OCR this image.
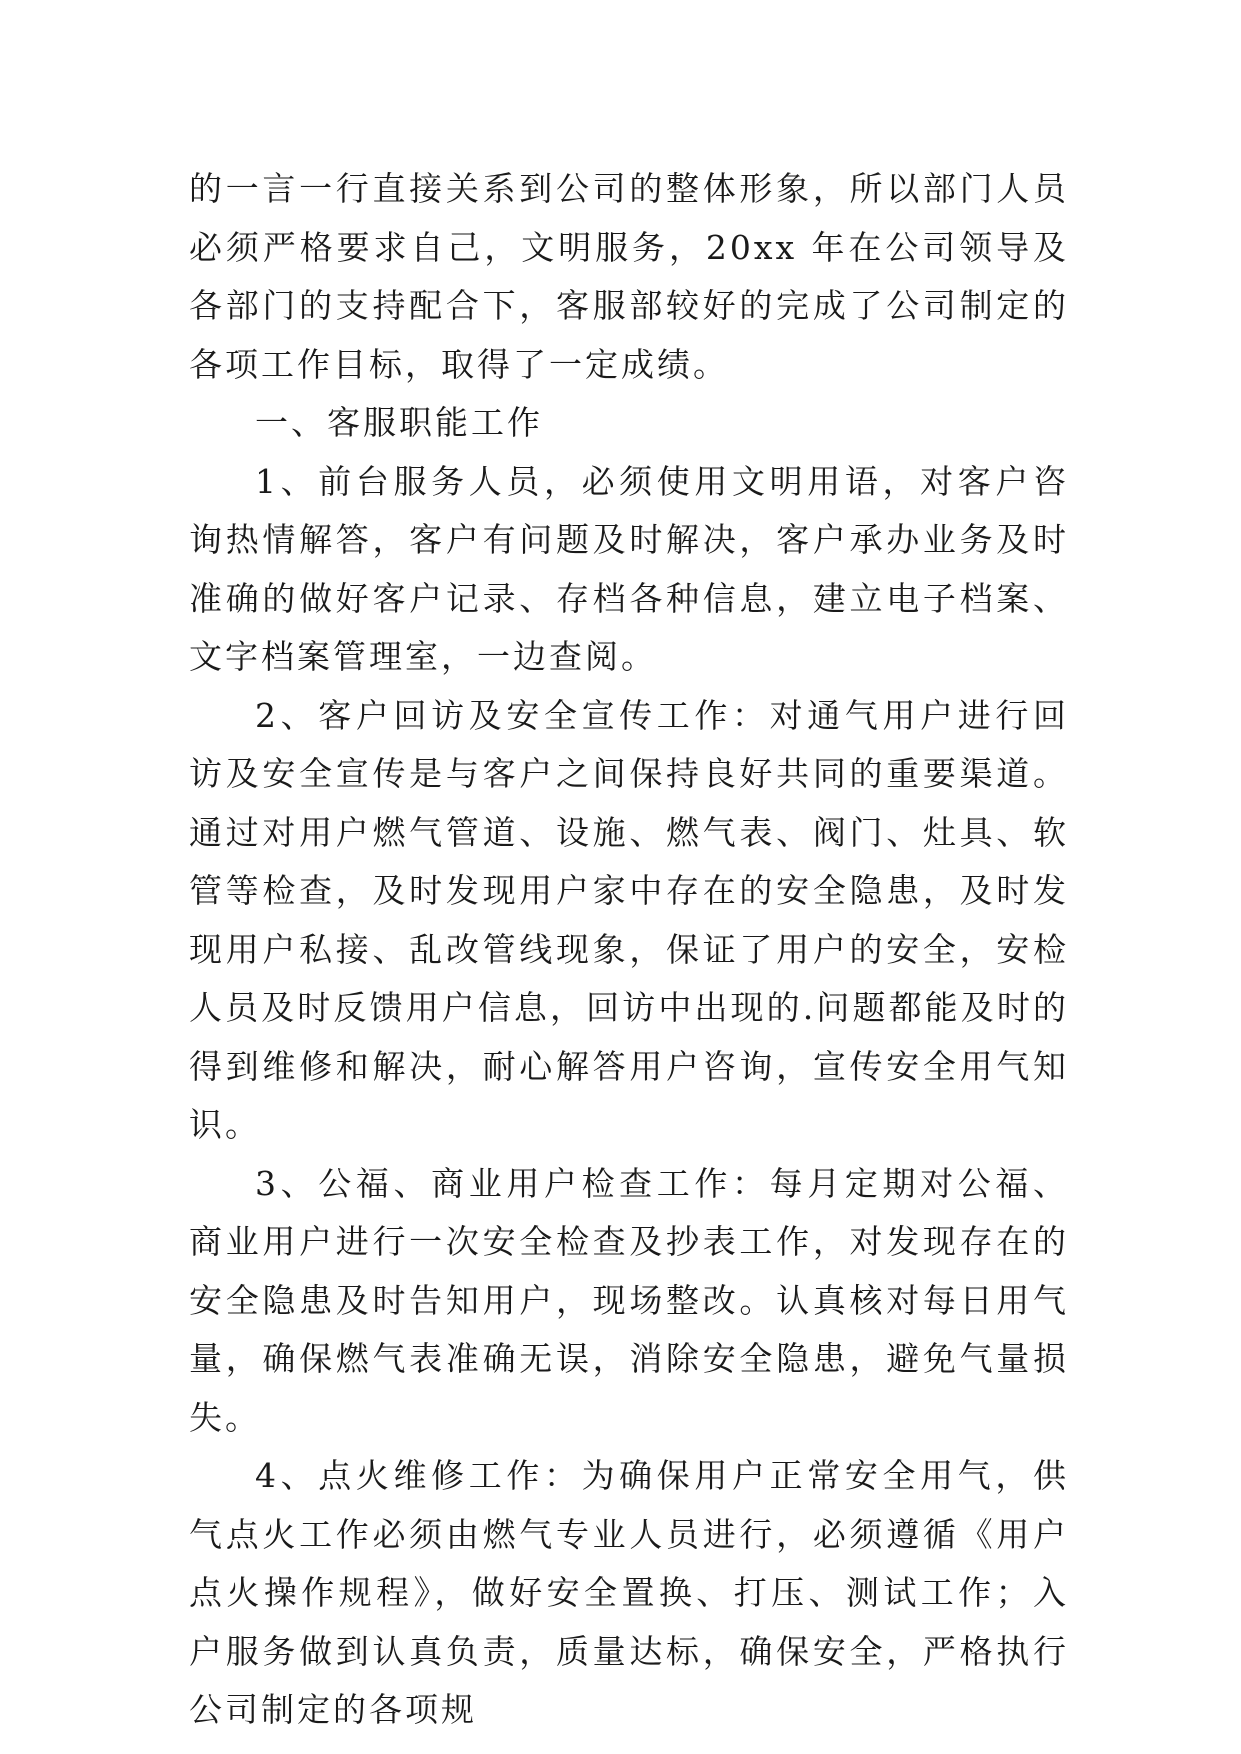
的一言一行直接关系到公司的整体形象，所以部门人员必须严格要求自己，文明服务，20xx 年在公司领导及各部门的支持配合下，客服部较好的完成了公司制定的各项工作目标，取得了一定成绩。

一、客服职能工作

1、前台服务人员，必须使用文明用语，对客户咨询热情解答，客户有问题及时解决，客户承办业务及时准确的做好客户记录、存档各种信息，建立电子档案、文字档案管理室，一边查阅。

2、客户回访及安全宣传工作：对通气用户进行回访及安全宣传是与客户之间保持良好共同的重要渠道。通过对用户燃气管道、设施、燃气表、阀门、灶具、软管等检查，及时发现用户家中存在的安全隐患，及时发现用户私接、乱改管线现象，保证了用户的安全，安检人员及时反馈用户信息，回访中出现的.问题都能及时的得到维修和解决，耐心解答用户咨询，宣传安全用气知识。

3、公福、商业用户检查工作：每月定期对公福、商业用户进行一次安全检查及抄表工作，对发现存在的安全隐患及时告知用户，现场整改。认真核对每日用气量，确保燃气表准确无误，消除安全隐患，避免气量损失。

4、点火维修工作：为确保用户正常安全用气，供气点火工作必须由燃气专业人员进行，必须遵循《用户点火操作规程》，做好安全置换、打压、测试工作；入户服务做到认真负责，质量达标，确保安全，严格执行公司制定的各项规
